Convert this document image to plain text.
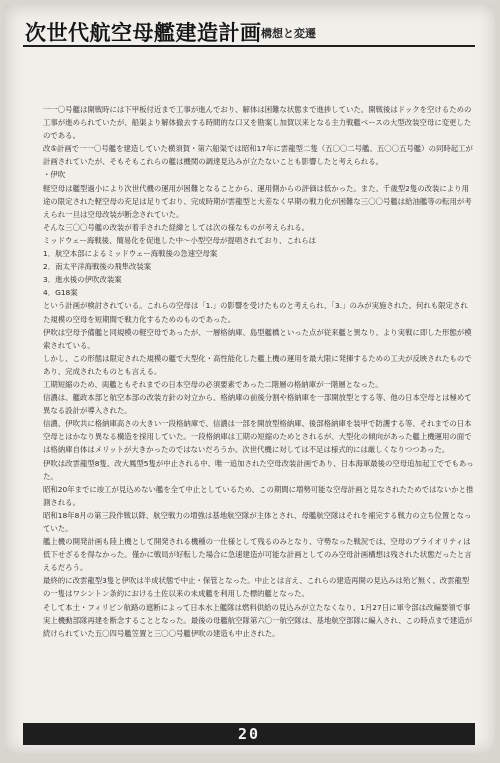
次世代航空母艦建造計画 構想と変遷

一一〇号艦は開戦時には下甲板付近まで工事が進んでおり、解体は困難な状態まで進捗していた。開戦後はドックを空けるための工事が進められていたが、船渠より解体撤去する時間的な口又を勘案し加賀以来となる主力戦艦ベースの大型改装空母に変更したのである。

改⑤計画で一一〇号艦を建造していた横須賀・第六船渠では昭和17年に雲龍型二隻（五〇〇二号艦、五〇〇五号艦）の同時起工が計画されていたが、そもそもこれらの艦は機関の調達見込みが立たないことも影響したと考えられる。

・伊吹

軽空母は艦型過小により次世代機の運用が困難となることから、運用側からの評価は低かった。また、千歳型2隻の改装により用途の限定された軽空母の充足は足りており、完成時期が雲龍型と大差なく早期の戦力化が困難な三〇〇号艦は給油艦等の転用が考えられ一旦は空母改装が断念されていた。

そんな三〇〇号艦の改装が着手された経緯としては次の様なものが考えられる。

ミッドウェー海戦後、簡易化を促進した中～小型空母が提唱されており、これらは

1．航空本部によるミッドウェー海戦後の急速空母案

2．南太平洋海戦後の飛隼改装案

3．進水後の伊吹改装案

4．G18案

という計画が検討されている。これらの空母は「1.」の影響を受けたものと考えられ、「3.」のみが実施された。何れも限定された規模の空母を短期間で戦力化するためのものであった。

伊吹は空母予備艦と同規模の軽空母であったが、一層格納庫、島型艦橋といった点が従来艦と異なり、より実戦に即した形態が模索されている。

しかし、この形態は限定された規模の艦で大型化・高性能化した艦上機の運用を最大限に発揮するための工夫が反映されたものであり、完成されたものとも言える。

工期短縮のため、両艦ともそれまでの日本空母の必須要素であった二階層の格納庫が一階層となった。

信濃は、艦政本部と航空本部の改装方針の対立から、格納庫の前後分割や格納庫を一部開放型とする等、他の日本空母とは極めて異なる設計が導入された。

信濃、伊吹共に格納庫高さの大きい一段格納庫で、信濃は一部を開放型格納庫、後部格納庫を装甲で防護する等、それまでの日本空母とはかなり異なる構造を採用していた。一段格納庫は工期の短縮のためとされるが、大型化の傾向があった艦上機運用の面では格納庫自体はメリットが大きかったのではないだろうか。次世代機に対しては不足は様式的には厳しくなりつつあった。

伊吹は改雲龍型8隻、改大鳳型5隻が中止される中、唯一追加された空母改装計画であり、日本海軍最後の空母追加起工ででもあった。

昭和20年までに竣工が見込めない艦を全て中止としているため、この期間に増勢可能な空母計画と見なされたためではないかと推測される。

昭和18年8月の第三段作戦以降、航空戦力の増強は基地航空隊が主体とされ、母艦航空隊はそれを補完する戦力の立ち位置となっていた。

艦上機の開発計画も陸上機として開発される機種の一仕様として残るのみとなり、守勢なった戦況では、空母のプライオリティは低下せざるを得なかった。僅かに戦局が好転した場合に急速建造が可能な計画としてのみ空母計画構想は残された状態だったと言えるだろう。

最終的に改雲龍型3隻と伊吹は半成状態で中止・保管となった。中止とは言え、これらの建造再開の見込みは殆ど無く、改雲龍型の一隻はワシントン条約における土佐以来の未成艦を利用した標的艦となった。

そして本土・フィリピン航路の遮断によって日本水上艦隊は燃料供給の見込みが立たなくなり、1月27日に軍令部は改編要領で事実上機動部隊再建を断念することとなった。最後の母艦航空隊第六〇一航空隊は、基地航空部隊に編入され、この時点まで建造が続けられていた五〇四号艦笠置と三〇〇号艦伊吹の建造も中止された。

20
